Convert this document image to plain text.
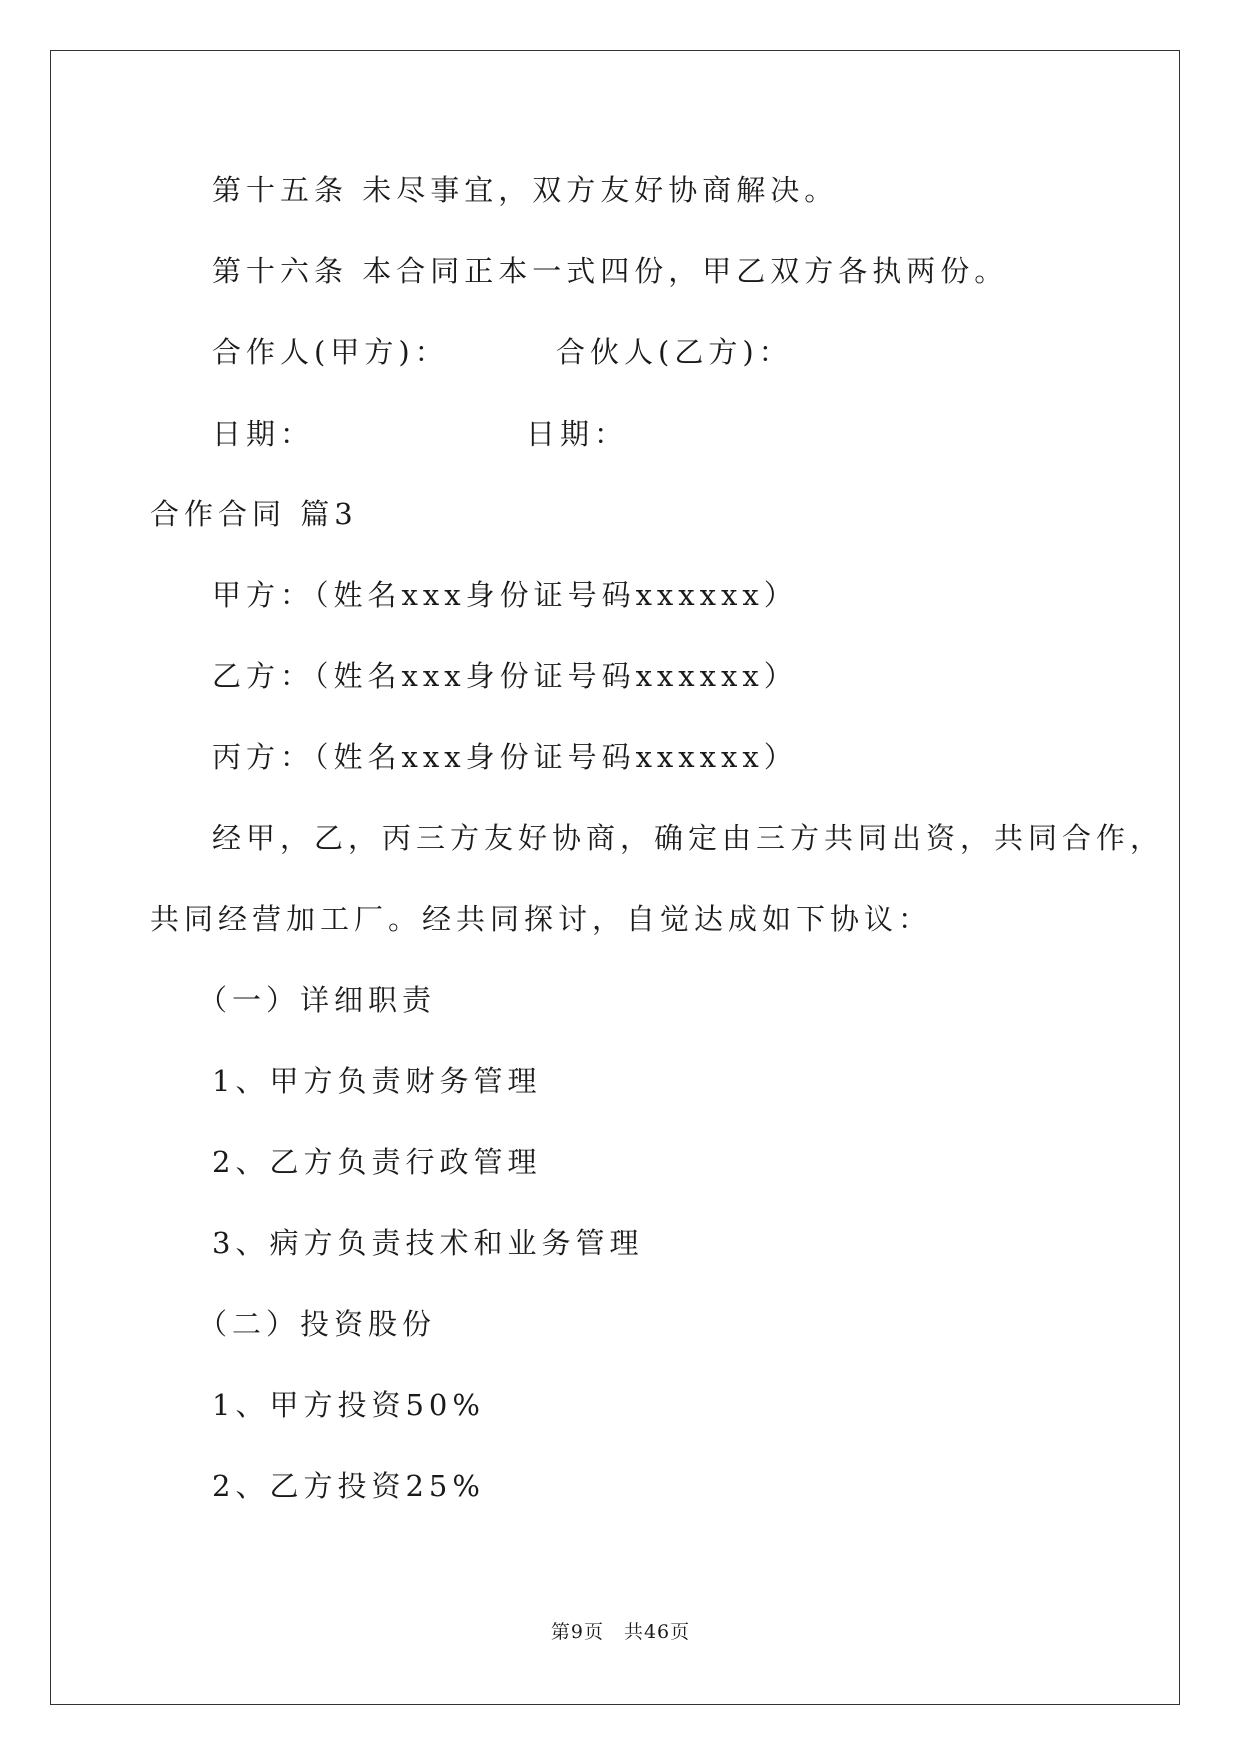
第十五条 未尽事宜，双方友好协商解决。
第十六条 本合同正本一式四份，甲乙双方各执两份。
合作人(甲方)：	合伙人(乙方)：
日期：	日期：
合作合同 篇3
甲方：（姓名xxx身份证号码xxxxxx）
乙方：（姓名xxx身份证号码xxxxxx）
丙方：（姓名xxx身份证号码xxxxxx）
经甲，乙，丙三方友好协商，确定由三方共同出资，共同合作，
共同经营加工厂。经共同探讨，自觉达成如下协议：
（一）详细职责
1、甲方负责财务管理
2、乙方负责行政管理
3、病方负责技术和业务管理
（二）投资股份
1、甲方投资50%
2、乙方投资25%
第9页 共46页
